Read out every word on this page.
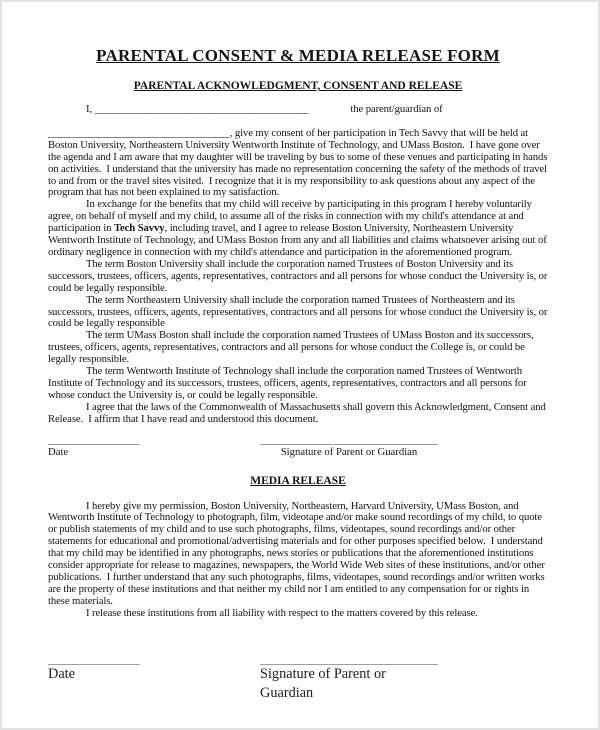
PARENTAL CONSENT & MEDIA RELEASE FORM
PARENTAL ACKNOWLEDGMENT, CONSENT AND RELEASE
I, ________________________________________	the parent/guardian of

__________________________________, give my consent of her participation in Tech Savvy that will be held at Boston University, Northeastern University Wentworth Institute of Technology, and UMass Boston.  I have gone over the agenda and I am aware that my daughter will be traveling by bus to some of these venues and participating in hands on activities.  I understand that the university has made no representation concerning the safety of the methods of travel to and from or the travel sites visited.  I recognize that it is my responsibility to ask questions about any aspect of the program that has not been explained to my satisfaction.

In exchange for the benefits that my child will receive by participating in this program I hereby voluntarily agree, on behalf of myself and my child, to assume all of the risks in connection with my child's attendance at and participation in Tech Savvy, including travel, and I agree to release Boston University, Northeastern University Wentworth Institute of Technology, and UMass Boston from any and all liabilities and claims whatsoever arising out of ordinary negligence in connection with my child's attendance and participation in the aforementioned program.

The term Boston University shall include the corporation named Trustees of Boston University and its successors, trustees, officers, agents, representatives, contractors and all persons for whose conduct the University is, or could be legally responsible.

The term Northeastern University shall include the corporation named Trustees of Northeastern and its successors, trustees, officers, agents, representatives, contractors and all persons for whose conduct the University is, or could be legally responsible

The term UMass Boston shall include the corporation named Trustees of UMass Boston and its successors, trustees, officers, agents, representatives, contractors and all persons for whose conduct the College is, or could be legally responsible.

The term Wentworth Institute of Technology shall include the corporation named Trustees of Wentworth Institute of Technology and its successors, trustees, officers, agents, representatives, contractors and all persons for whose conduct the University is, or could be legally responsible.

I agree that the laws of the Commonwealth of Massachusetts shall govern this Acknowledgment, Consent and Release.  I affirm that I have read and understood this document.

Date	Signature of Parent or Guardian
MEDIA RELEASE

I hereby give my permission, Boston University, Northeastern, Harvard University, UMass Boston, and Wentworth Institute of Technology to photograph, film, videotape and/or make sound recordings of my child, to quote or publish statements of my child and to use such photographs, films, videotapes, sound recordings and/or other statements for educational and promotional/advertising materials and for other purposes specified below.  I understand that my child may be identified in any photographs, news stories or publications that the aforementioned institutions consider appropriate for release to magazines, newspapers, the World Wide Web sites of these institutions, and/or other publications.  I further understand that any such photographs, films, videotapes, sound recordings and/or written works are the property of these institutions and that neither my child nor I am entitled to any compensation for or rights in these materials.

I release these institutions from all liability with respect to the matters covered by this release.

Date	Signature of Parent or Guardian
